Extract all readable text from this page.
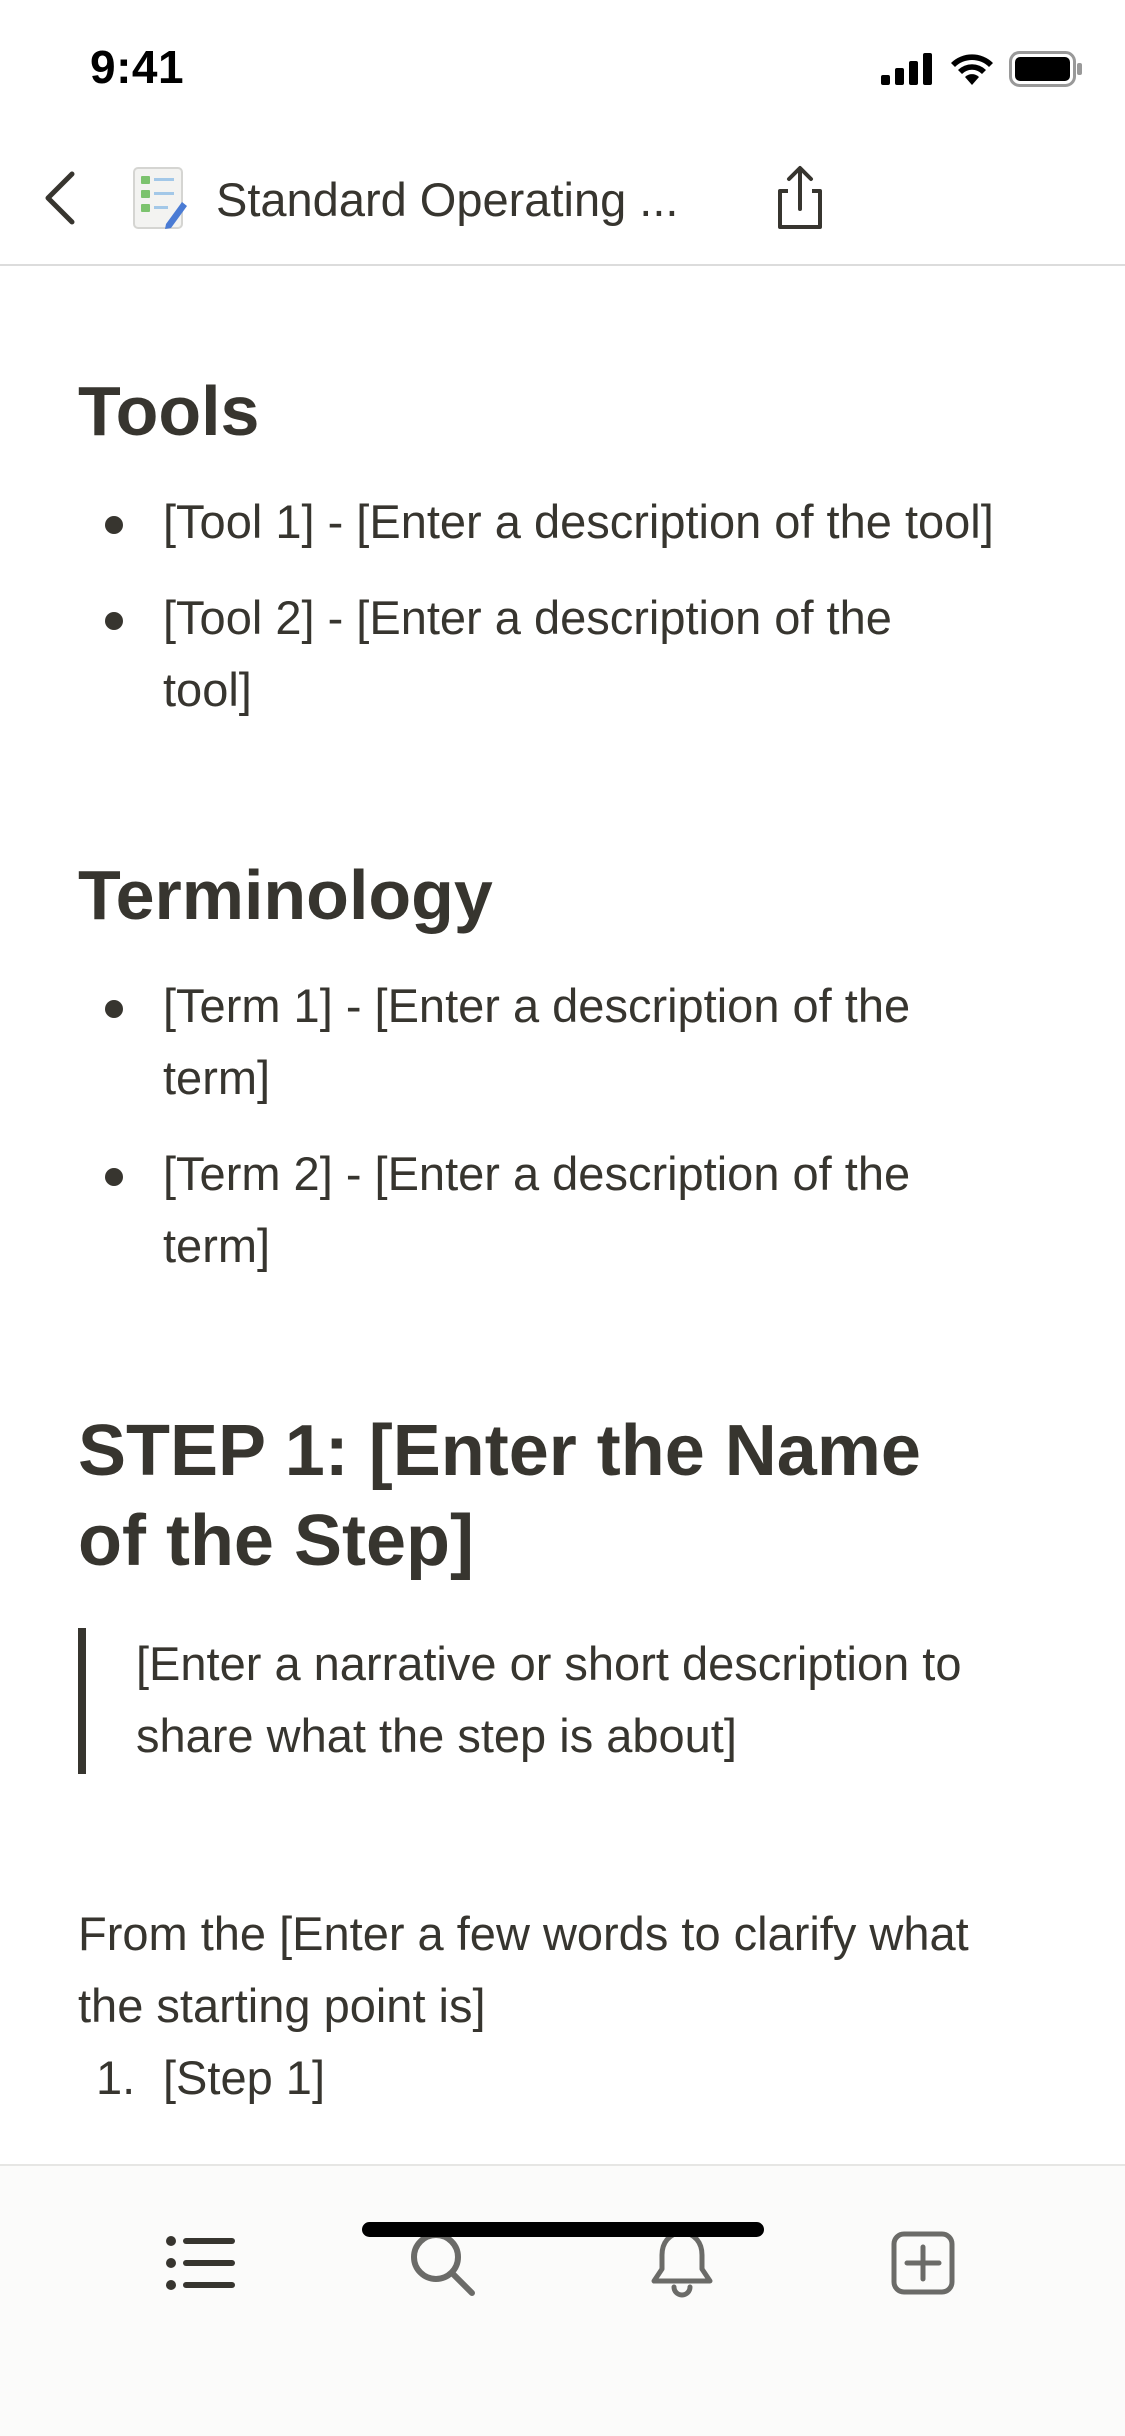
9:41
Standard Operating ...
Tools
[Tool 1] - [Enter a description of the tool]
[Tool 2] - [Enter a description of the tool]
Terminology
[Term 1] - [Enter a description of the term]
[Term 2] - [Enter a description of the term]
STEP 1: [Enter the Name of the Step]
[Enter a narrative or short description to share what the step is about]
From the [Enter a few words to clarify what the starting point is]
1. [Step 1]
